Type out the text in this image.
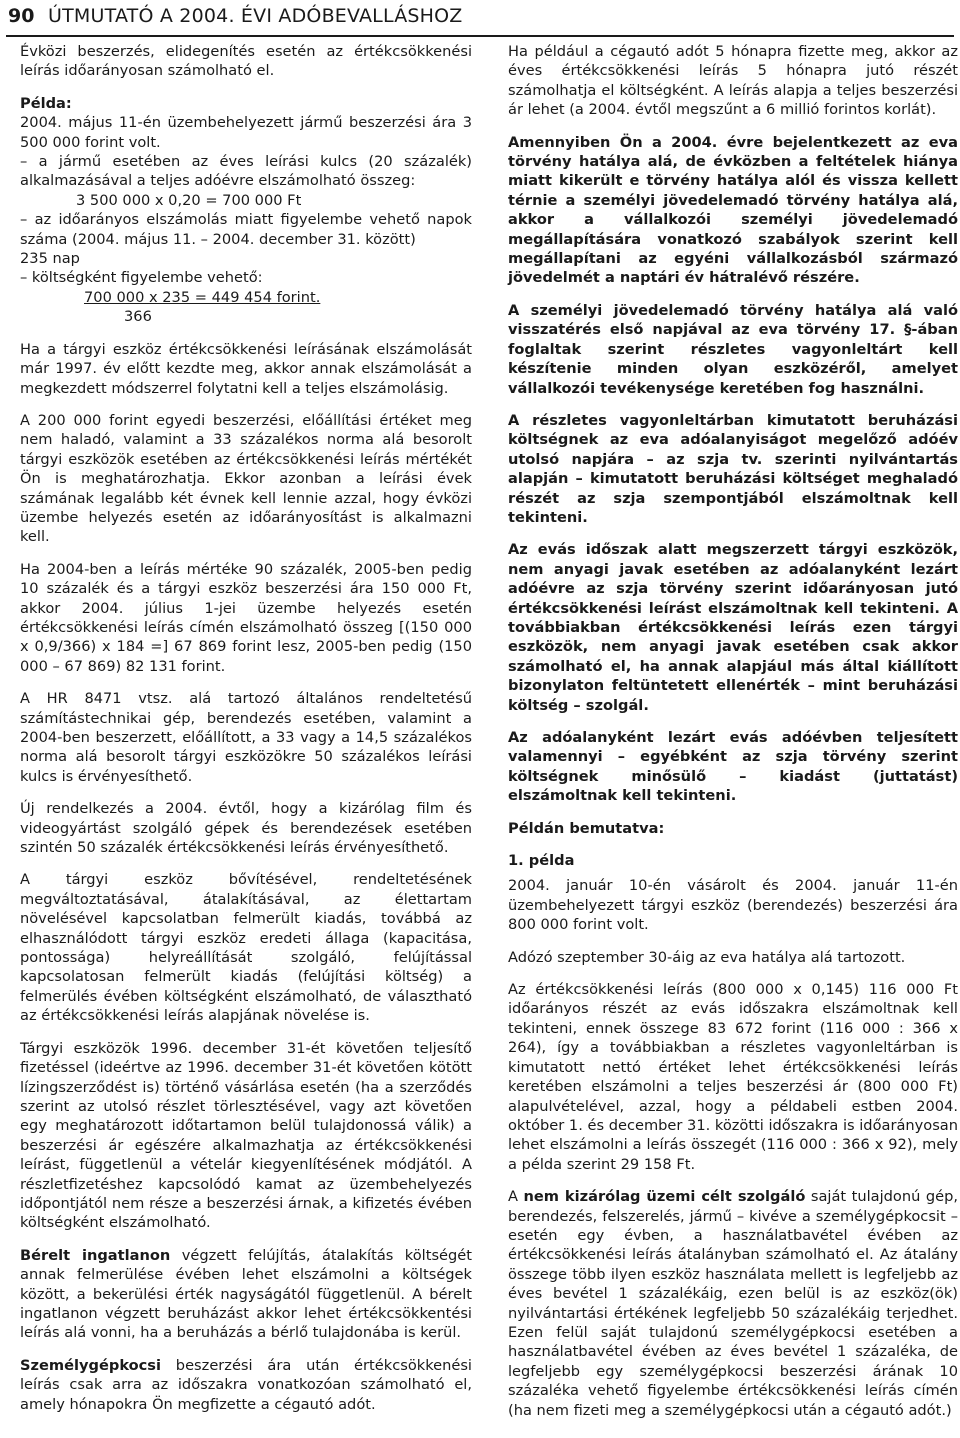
90 ÚTMUTATÓ A 2004. ÉVI ADÓBEVALLÁSHOZ

Évközi beszerzés, elidegenítés esetén az értékcsökkenési leírás időarányosan számolható el.

Példa:
2004. május 11-én üzembehelyezett jármű beszerzési ára 3 500 000 forint volt.
– a jármű esetében az éves leírási kulcs (20 százalék) alkalmazásával a teljes adóévre elszámolható összeg:
3 500 000 x 0,20 = 700 000 Ft
– az időarányos elszámolás miatt figyelembe vehető napok száma (2004. május 11. – 2004. december 31. között)
235 nap
– költségként figyelembe vehető:
$\frac{\text{700 000 x 235 = 449 454 forint.}}{366}$

Ha a tárgyi eszköz értékcsökkenési leírásának elszámolását már 1997. év előtt kezdte meg, akkor annak elszámolását a megkezdett módszerrel folytatni kell a teljes elszámolásig.

A 200 000 forint egyedi beszerzési, előállítási értéket meg nem haladó, valamint a 33 százalékos norma alá besorolt tárgyi eszközök esetében az értékcsökkenési leírás mértékét Ön is meghatározhatja. Ekkor azonban a leírási évek számának legalább két évnek kell lennie azzal, hogy évközi üzembe helyezés esetén az időarányosítást is alkalmazni kell.

Ha 2004-ben a leírás mértéke 90 százalék, 2005-ben pedig 10 százalék és a tárgyi eszköz beszerzési ára 150 000 Ft, akkor 2004. július 1-jei üzembe helyezés esetén értékcsökkenési leírás címén elszámolható összeg [(150 000 x 0,9/366) x 184 =] 67 869 forint lesz, 2005-ben pedig (150 000 – 67 869) 82 131 forint.

A HR 8471 vtsz. alá tartozó általános rendeltetésű számítástechnikai gép, berendezés esetében, valamint a 2004-ben beszerzett, előállított, a 33 vagy a 14,5 százalékos norma alá besorolt tárgyi eszközökre 50 százalékos leírási kulcs is érvényesíthető.

Új rendelkezés a 2004. évtől, hogy a kizárólag film és videogyártást szolgáló gépek és berendezések esetében szintén 50 százalék értékcsökkenési leírás érvényesíthető.

A tárgyi eszköz bővítésével, rendeltetésének megváltoztatásával, átalakításával, az élettartam növelésével kapcsolatban felmerült kiadás, továbbá az elhasználódott tárgyi eszköz eredeti állaga (kapacitása, pontossága) helyreállítását szolgáló, felújítással kapcsolatosan felmerült kiadás (felújítási költség) a felmerülés évében költségként elszámolható, de választható az értékcsökkenési leírás alapjának növelése is.

Tárgyi eszközök 1996. december 31-ét követően teljesítő fizetéssel (ideértve az 1996. december 31-ét követően kötött lízingszerződést is) történő vásárlása esetén (ha a szerződés szerint az utolsó részlet törlesztésével, vagy azt követően egy meghatározott időtartamon belül tulajdonossá válik) a beszerzési ár egészére alkalmazhatja az értékcsökkenési leírást, függetlenül a vételár kiegyenlítésének módjától. A részletfizetéshez kapcsolódó kamat az üzembehelyezés időpontjától nem része a beszerzési árnak, a kifizetés évében költségként elszámolható.

Bérelt ingatlanon végzett felújítás, átalakítás költségét annak felmerülése évében lehet elszámolni a költségek között, a bekerülési érték nagyságától függetlenül. A bérelt ingatlanon végzett beruházást akkor lehet értékcsökkentési leírás alá vonni, ha a beruházás a bérlő tulajdonába is kerül.

Személygépkocsi beszerzési ára után értékcsökkenési leírás csak arra az időszakra vonatkozóan számolható el, amely hónapokra Ön megfizette a cégautó adót.

Ha például a cégautó adót 5 hónapra fizette meg, akkor az éves értékcsökkenési leírás 5 hónapra jutó részét számolhatja el költségként. A leírás alapja a teljes beszerzési ár lehet (a 2004. évtől megszűnt a 6 millió forintos korlát).

Amennyiben Ön a 2004. évre bejelentkezett az eva törvény hatálya alá, de évközben a feltételek hiánya miatt kikerült e törvény hatálya alól és vissza kellett térnie a személyi jövedelemadó törvény hatálya alá, akkor a vállalkozói személyi jövedelemadó megállapítására vonatkozó szabályok szerint kell megállapítani az egyéni vállalkozásból származó jövedelmét a naptári év hátralévő részére.

A személyi jövedelemadó törvény hatálya alá való visszatérés első napjával az eva törvény 17. §-ában foglaltak szerint részletes vagyonleltárt kell készítenie minden olyan eszközéről, amelyet vállalkozói tevékenysége keretében fog használni.

A részletes vagyonleltárban kimutatott beruházási költségnek az eva adóalanyiságot megelőző adóév utolsó napjára – az szja tv. szerinti nyilvántartás alapján – kimutatott beruházási költséget meghaladó részét az szja szempontjából elszámoltnak kell tekinteni.

Az evás időszak alatt megszerzett tárgyi eszközök, nem anyagi javak esetében az adóalanyként lezárt adóévre az szja törvény szerint időarányosan jutó értékcsökkenési leírást elszámoltnak kell tekinteni. A továbbiakban értékcsökkenési leírás ezen tárgyi eszközök, nem anyagi javak esetében csak akkor számolható el, ha annak alapjául más által kiállított bizonylaton feltüntetett ellenérték – mint beruházási költség – szolgál.

Az adóalanyként lezárt evás adóévben teljesített valamennyi – egyébként az szja törvény szerint költségnek minősülő – kiadást (juttatást) elszámoltnak kell tekinteni.

Példán bemutatva:

1. példa

2004. január 10-én vásárolt és 2004. január 11-én üzembehelyezett tárgyi eszköz (berendezés) beszerzési ára 800 000 forint volt.

Adózó szeptember 30-áig az eva hatálya alá tartozott.

Az értékcsökkenési leírás (800 000 x 0,145) 116 000 Ft időarányos részét az evás időszakra elszámoltnak kell tekinteni, ennek összege 83 672 forint (116 000 : 366 x 264), így a továbbiakban a részletes vagyonleltárban is kimutatott nettó értéket lehet értékcsökkenési leírás keretében elszámolni a teljes beszerzési ár (800 000 Ft) alapulvételével, azzal, hogy a példabeli estben 2004. október 1. és december 31. közötti időszakra is időarányosan lehet elszámolni a leírás összegét (116 000 : 366 x 92), mely a példa szerint 29 158 Ft.

A nem kizárólag üzemi célt szolgáló saját tulajdonú gép, berendezés, felszerelés, jármű – kivéve a személygépkocsit – esetén egy évben, a használatbavétel évében az értékcsökkenési leírás átalányban számolható el. Az átalány összege több ilyen eszköz használata mellett is legfeljebb az éves bevétel 1 százalékáig, ezen belül is az eszköz(ök) nyilvántartási értékének legfeljebb 50 százalékáig terjedhet. Ezen felül saját tulajdonú személygépkocsi esetében a használatbavétel évében az éves bevétel 1 százaléka, de legfeljebb egy személygépkocsi beszerzési árának 10 százaléka vehető figyelembe értékcsökkenési leírás címén (ha nem fizeti meg a személygépkocsi után a cégautó adót.)
